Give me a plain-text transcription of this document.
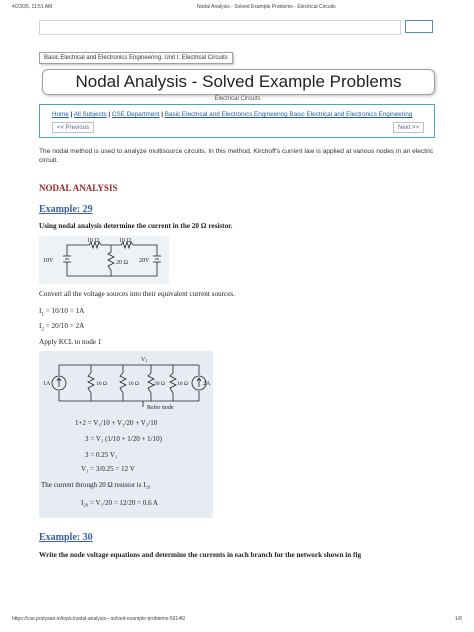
4/23/25, 11:51 AM	Nodal Analysis - Solved Example Problems - Electrical Circuits
Basic Electrical and Electronics Engineering: Unit I: Electrical Circuits
Nodal Analysis - Solved Example Problems
Electrical Circuits
Home | All Subjects | CSE Department | Basic Electrical and Electronics Engineering Basic Electrical and Electronics Engineering
<< Previous	Next >>
The nodal method is used to analyze multisource circuits. In this method, Kirchoff's current law is applied at various nodes in an electric circuit.
NODAL ANALYSIS
Example: 29
Using nodal analysis determine the current in the 20 Ω resistor.
10 Ω	10 Ω
20 Ω
10V	20V
Convert all the voltage sources into their equivalent current sources.
$I_1 = 10/10 = 1A$
$I_2 = 20/10 = 2A$
Apply KCL to node 1
V1
1A	2A
10 Ω	10 Ω	20 Ω 10 Ω
Refer node
1+2 = V₁/10 + V₁/20 + V₁/10
3 = V₁ (1/10 + 1/20 + 1/10)
3 = 0.25 V₁
V₁ = 3/0.25 = 12 V
The current through 20 Ω resistor is I₂₀
I₂₀ = V₁/20 = 12/20 = 0.6 A
Example: 30
Write the node voltage equations and determine the currents in each branch for the network shown in fig
https://cse.poriyaan.in/topic/nodal-analysis---solved-example-problems-50146/	1/6
